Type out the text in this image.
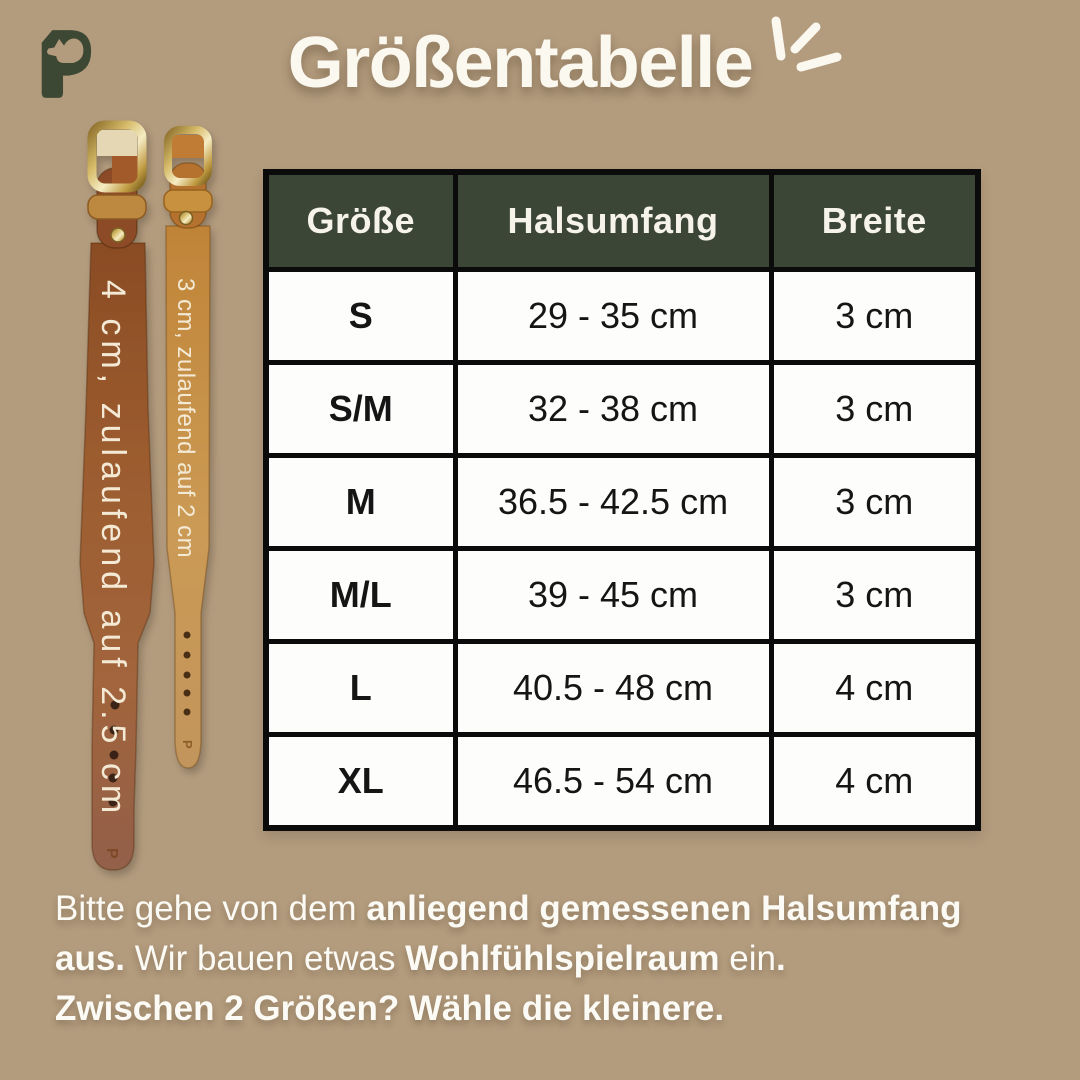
Größentabelle
4 cm, zulaufend auf 2.5 cm
P
3 cm, zulaufend auf 2 cm
P
Größe	Halsumfang	Breite
S	29 - 35 cm	3 cm
S/M	32 - 38 cm	3 cm
M	36.5 - 42.5 cm	3 cm
M/L	39 - 45 cm	3 cm
L	40.5 - 48 cm	4 cm
XL	46.5 - 54 cm	4 cm
Bitte gehe von dem anliegend gemessenen Halsumfang
aus. Wir bauen etwas Wohlfühlspielraum ein.
Zwischen 2 Größen? Wähle die kleinere.
